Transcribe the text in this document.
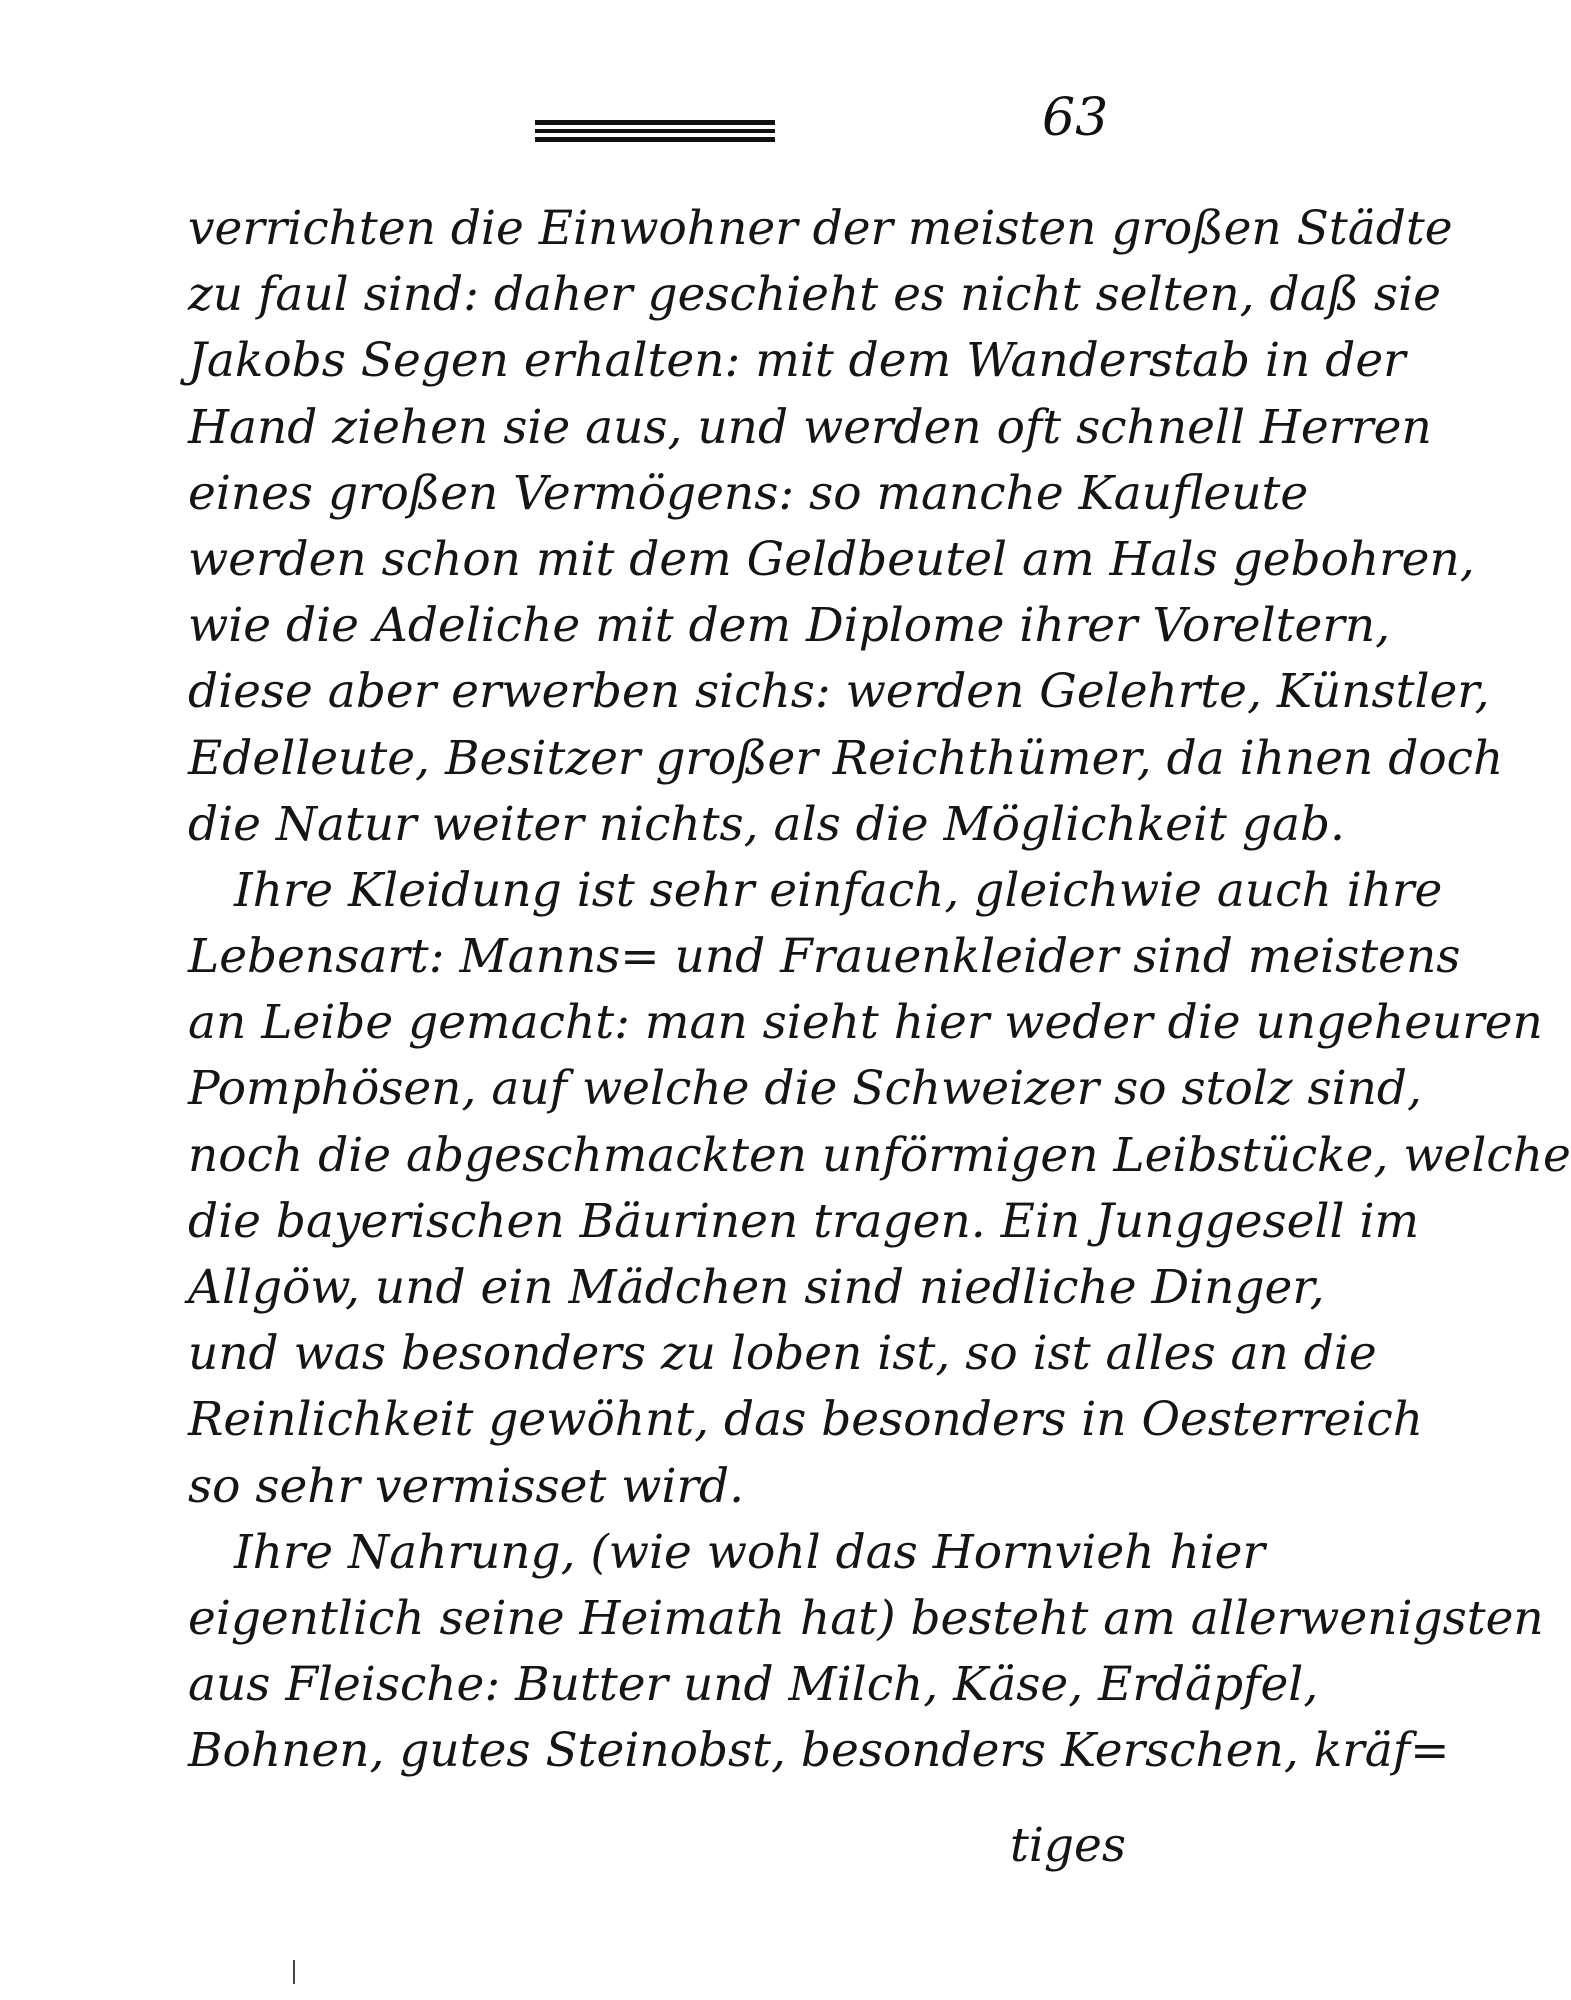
63
verrichten die Einwohner der meisten großen Städte
zu faul sind: daher geschieht es nicht selten, daß sie
Jakobs Segen erhalten: mit dem Wanderstab in der
Hand ziehen sie aus, und werden oft schnell Herren
eines großen Vermögens: so manche Kaufleute
werden schon mit dem Geldbeutel am Hals gebohren,
wie die Adeliche mit dem Diplome ihrer Voreltern,
diese aber erwerben sichs: werden Gelehrte, Künstler,
Edelleute, Besitzer großer Reichthümer, da ihnen doch
die Natur weiter nichts, als die Möglichkeit gab.
Ihre Kleidung ist sehr einfach, gleichwie auch ihre
Lebensart: Manns= und Frauenkleider sind meistens
an Leibe gemacht: man sieht hier weder die ungeheuren
Pomphösen, auf welche die Schweizer so stolz sind,
noch die abgeschmackten unförmigen Leibstücke, welche
die bayerischen Bäurinen tragen. Ein Junggesell im
Allgöw, und ein Mädchen sind niedliche Dinger,
und was besonders zu loben ist, so ist alles an die
Reinlichkeit gewöhnt, das besonders in Oesterreich
so sehr vermisset wird.
Ihre Nahrung, (wie wohl das Hornvieh hier
eigentlich seine Heimath hat) besteht am allerwenigsten
aus Fleische: Butter und Milch, Käse, Erdäpfel,
Bohnen, gutes Steinobst, besonders Kerschen, kräf=
tiges
